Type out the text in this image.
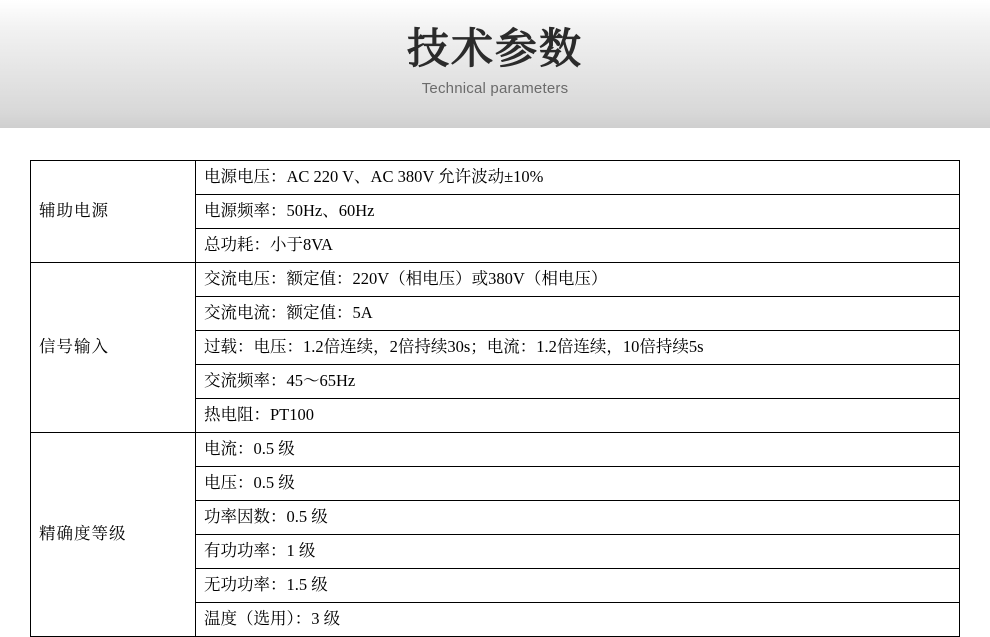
技术参数
Technical parameters
辅助电源	电源电压：AC 220 V、AC 380V 允许波动±10%
	电源频率：50Hz、60Hz
	总功耗：小于8VA
信号输入	交流电压：额定值：220V（相电压）或380V（相电压）
	交流电流：额定值：5A
	过载：电压：1.2倍连续，2倍持续30s；电流：1.2倍连续，10倍持续5s
	交流频率：45～65Hz
	热电阻：PT100
精确度等级	电流：0.5 级
	电压：0.5 级
	功率因数：0.5 级
	有功功率：1 级
	无功功率：1.5 级
	温度（选用）：3 级
